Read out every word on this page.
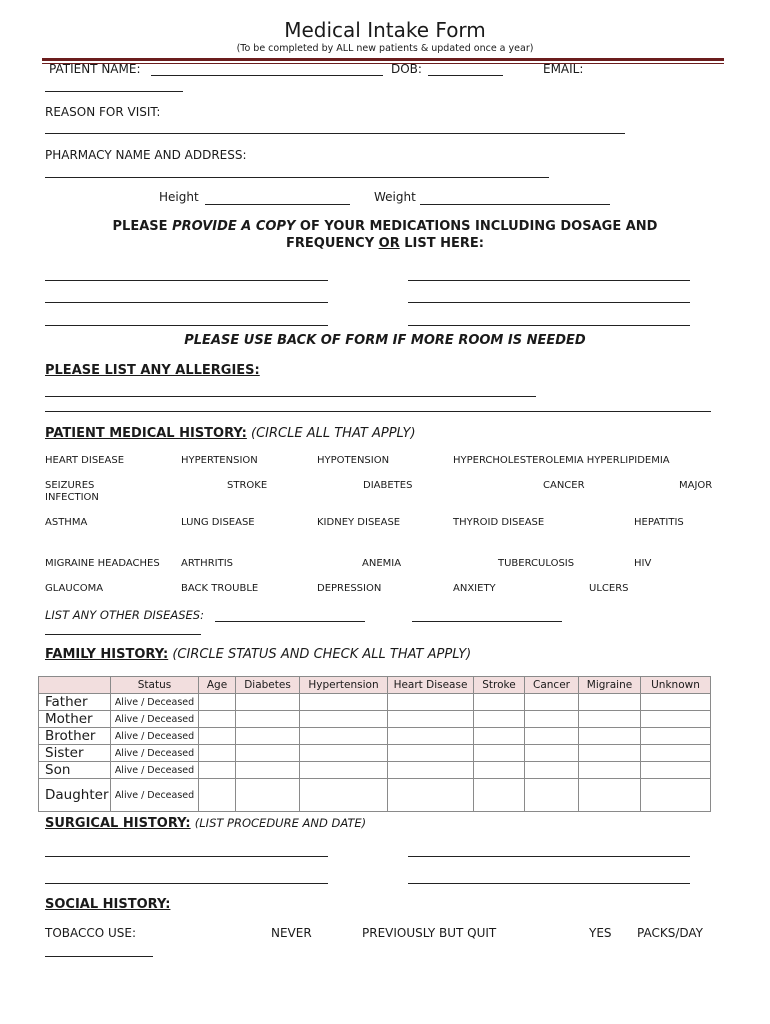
Medical Intake Form
(To be completed by ALL new patients & updated once a year)
PATIENT NAME:	DOB:	EMAIL:
REASON FOR VISIT:
PHARMACY NAME AND ADDRESS:
Height	Weight
PLEASE PROVIDE A COPY OF YOUR MEDICATIONS INCLUDING DOSAGE AND
FREQUENCY OR LIST HERE:
PLEASE USE BACK OF FORM IF MORE ROOM IS NEEDED
PLEASE LIST ANY ALLERGIES:
PATIENT MEDICAL HISTORY: (CIRCLE ALL THAT APPLY)
HEART DISEASE	HYPERTENSION	HYPOTENSION	HYPERCHOLESTEROLEMIA HYPERLIPIDEMIA
SEIZURES	STROKE	DIABETES	CANCER	MAJOR
INFECTION
ASTHMA	LUNG DISEASE	KIDNEY DISEASE	THYROID DISEASE	HEPATITIS
MIGRAINE HEADACHES ARTHRITIS	ANEMIA	TUBERCULOSIS	HIV
GLAUCOMA	BACK TROUBLE	DEPRESSION	ANXIETY	ULCERS
LIST ANY OTHER DISEASES:
FAMILY HISTORY: (CIRCLE STATUS AND CHECK ALL THAT APPLY)
	Status	Age	Diabetes	Hypertension	Heart Disease	Stroke	Cancer	Migraine	Unknown
Father	Alive / Deceased								
Mother	Alive / Deceased								
Brother	Alive / Deceased								
Sister	Alive / Deceased								
Son	Alive / Deceased								
Daughter	Alive / Deceased								
SURGICAL HISTORY: (LIST PROCEDURE AND DATE)
SOCIAL HISTORY:
TOBACCO USE:	NEVER	PREVIOUSLY BUT QUIT	YES PACKS/DAY
